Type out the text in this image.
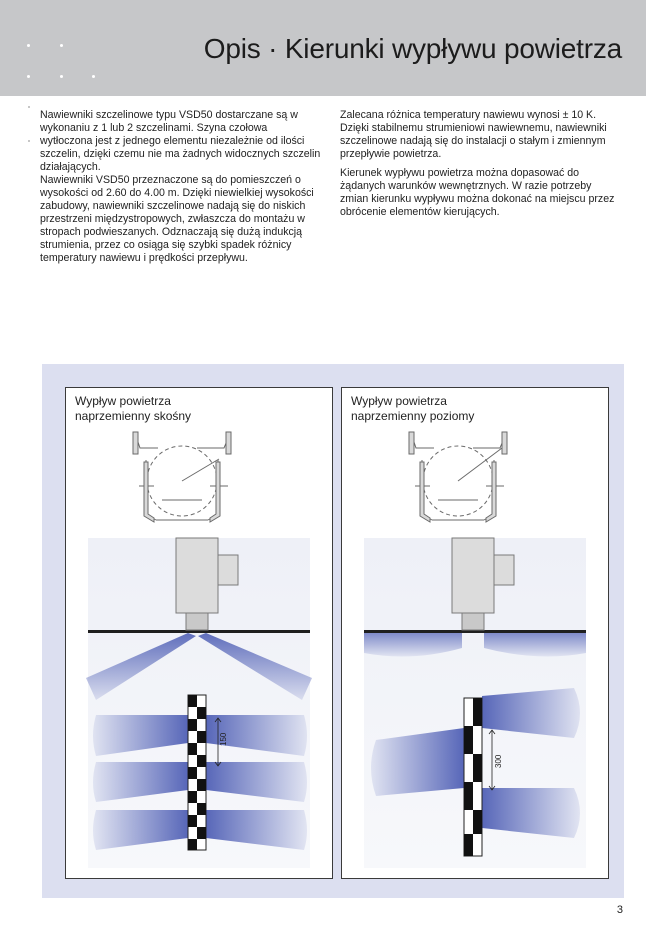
Opis · Kierunki wypływu powietrza

Nawiewniki szczelinowe typu VSD50 dostarczane są w wykonaniu z 1 lub 2 szczelinami. Szyna czołowa wytłoczona jest z jednego elementu niezależnie od ilości szczelin, dzięki czemu nie ma żadnych widocznych szczelin działających.

Nawiewniki VSD50 przeznaczone są do pomieszczeń o wysokości od 2.60 do 4.00 m. Dzięki niewielkiej wysokości zabudowy, nawiewniki szczelinowe nadają się do niskich przestrzeni międzystropowych, zwłaszcza do montażu w stropach podwieszanych. Odznaczają się dużą indukcją strumienia, przez co osiąga się szybki spadek różnicy temperatury nawiewu i prędkości przepływu.

Zalecana różnica temperatury nawiewu wynosi ± 10 K. Dzięki stabilnemu strumieniowi nawiewnemu, nawiewniki szczelinowe nadają się do instalacji o stałym i zmiennym przepływie powietrza.

Kierunek wypływu powietrza można dopasować do żądanych warunków wewnętrznych. W razie potrzeby zmian kierunku wypływu można dokonać na miejscu przez obrócenie elementów kierujących.

150
Wypływ powietrza
naprzemienny skośny
300
Wypływ powietrza
naprzemienny poziomy
3
